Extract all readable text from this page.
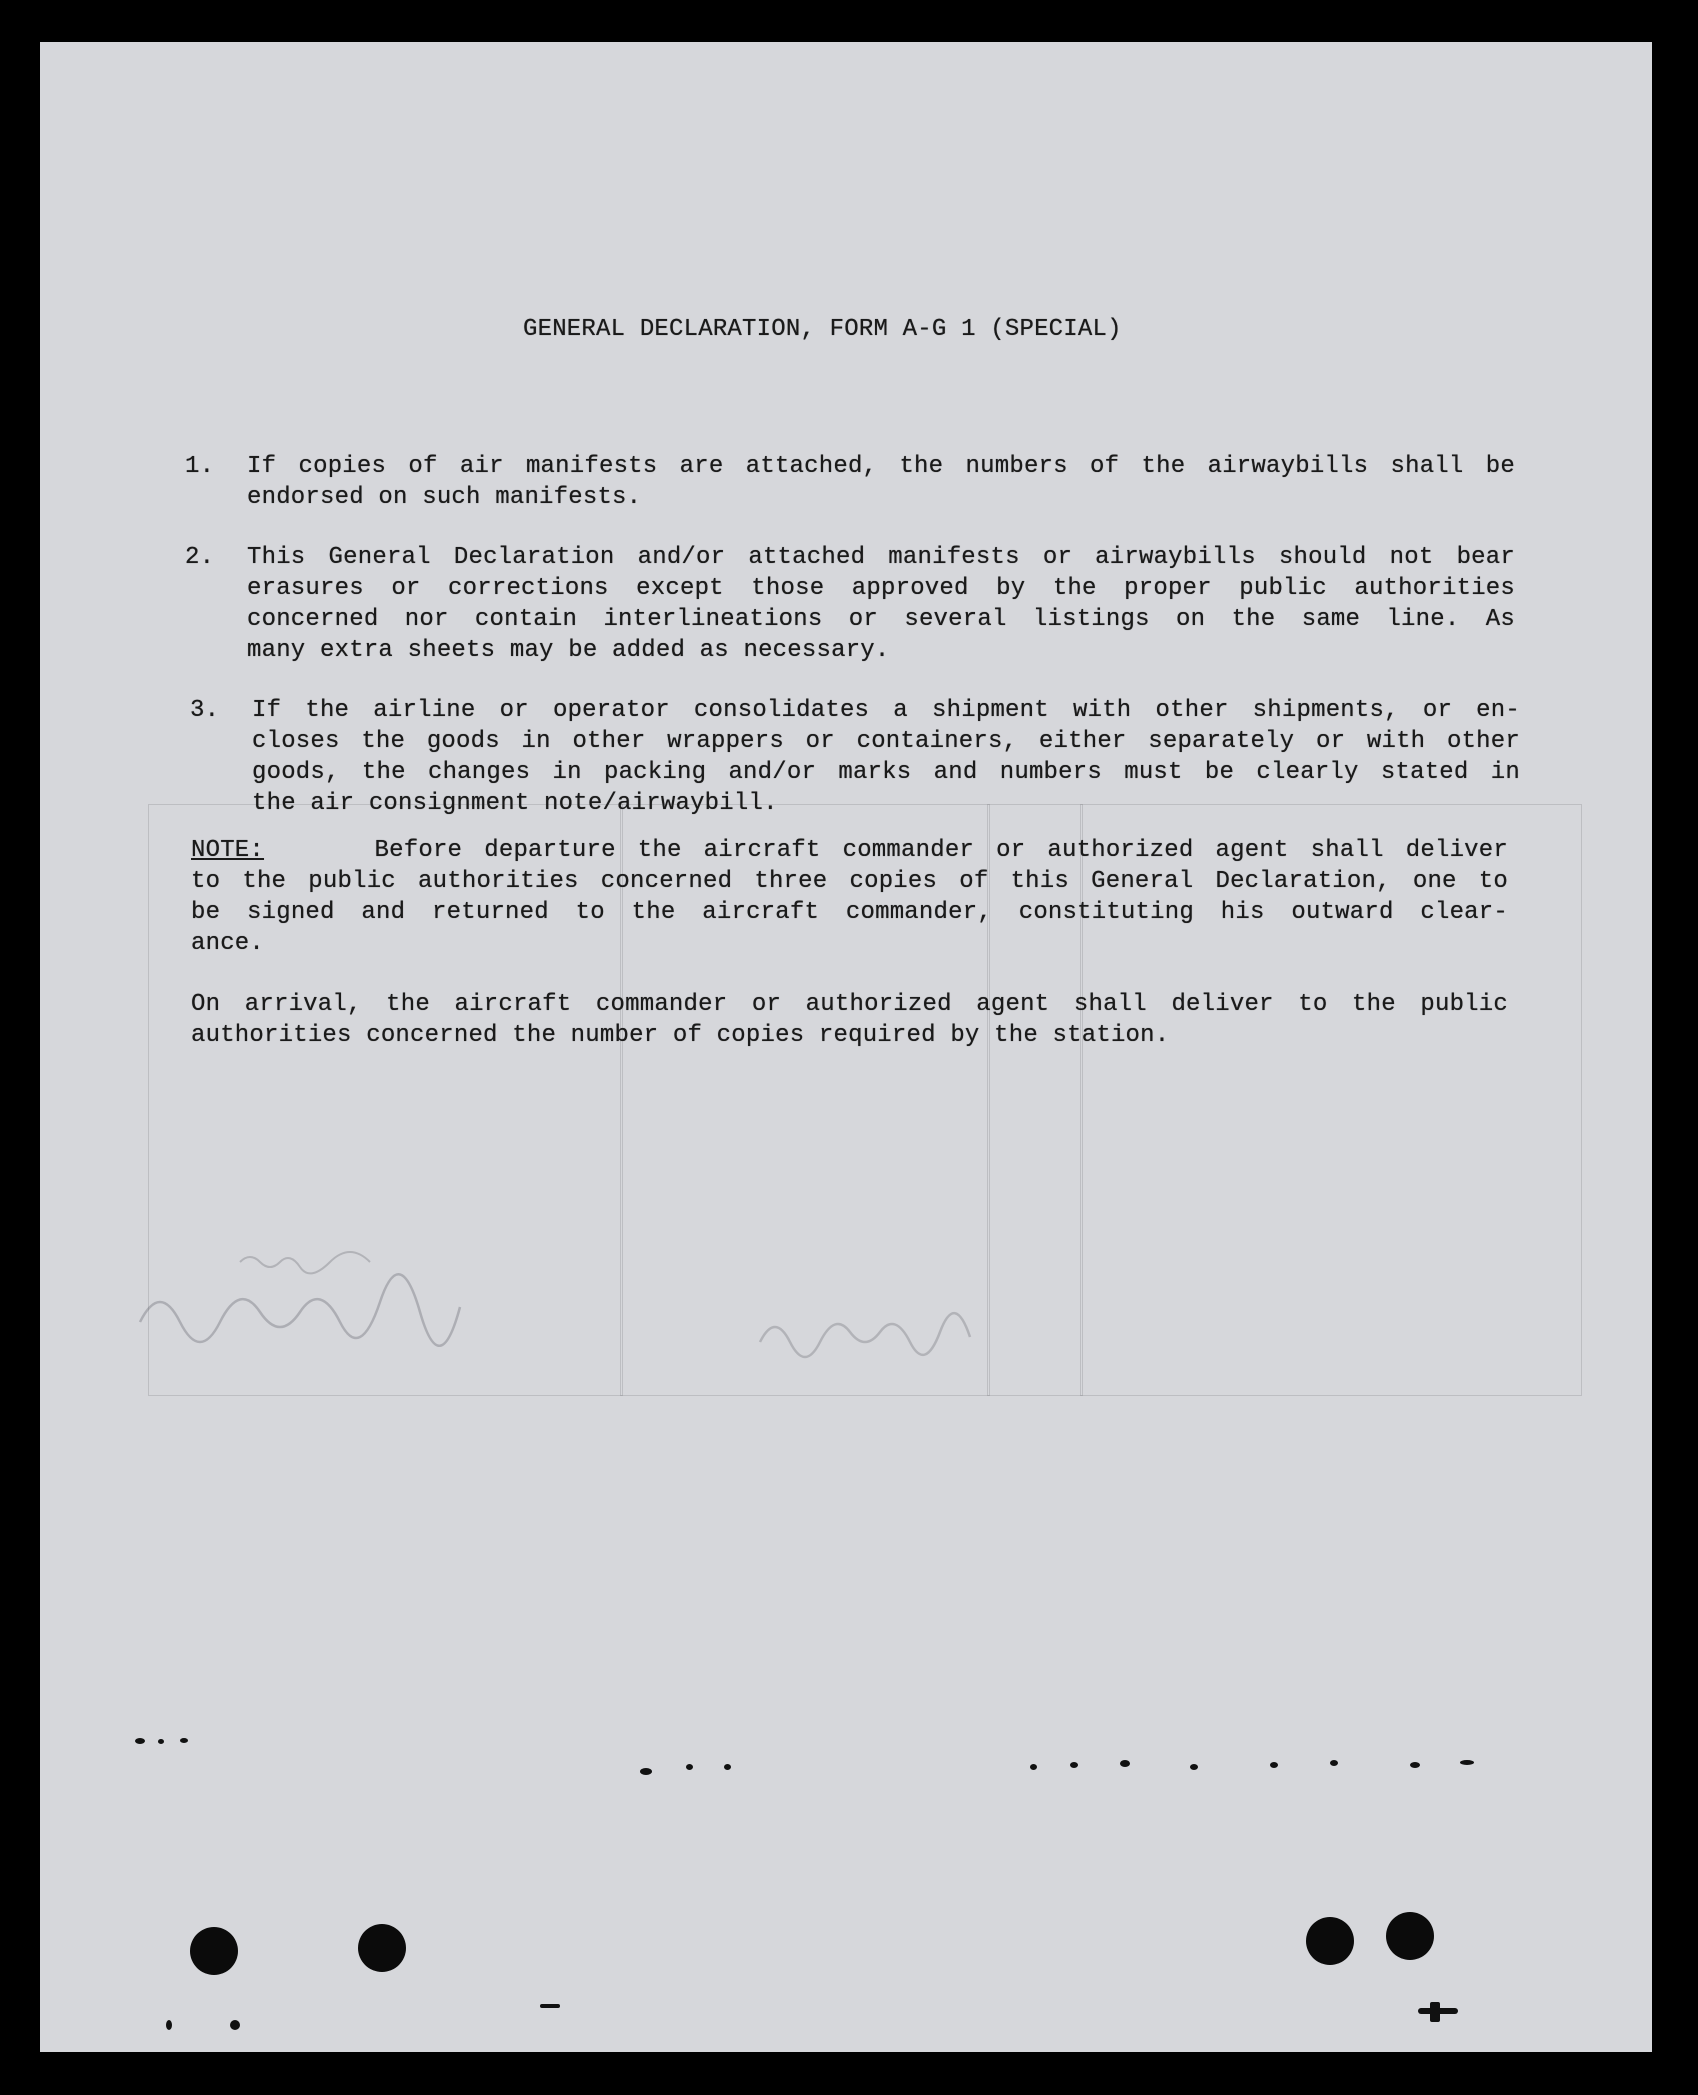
GENERAL DECLARATION, FORM A-G 1 (SPECIAL)
1. If copies of air manifests are attached, the numbers of the airwaybills shall be
endorsed on such manifests.
2. This General Declaration and/or attached manifests or airwaybills should not bear
erasures or corrections except those approved by the proper public authorities
concerned nor contain interlineations or several listings on the same line. As
many extra sheets may be added as necessary.
3. If the airline or operator consolidates a shipment with other shipments, or en-
closes the goods in other wrappers or containers, either separately or with other
goods, the changes in packing and/or marks and numbers must be clearly stated in
the air consignment note/airwaybill.
NOTE:	Before departure the aircraft commander or authorized agent shall deliver
to the public authorities concerned three copies of this General Declaration, one to
be signed and returned to the aircraft commander, constituting his outward clear-
ance.
On arrival, the aircraft commander or authorized agent shall deliver to the public
authorities concerned the number of copies required by the station.
